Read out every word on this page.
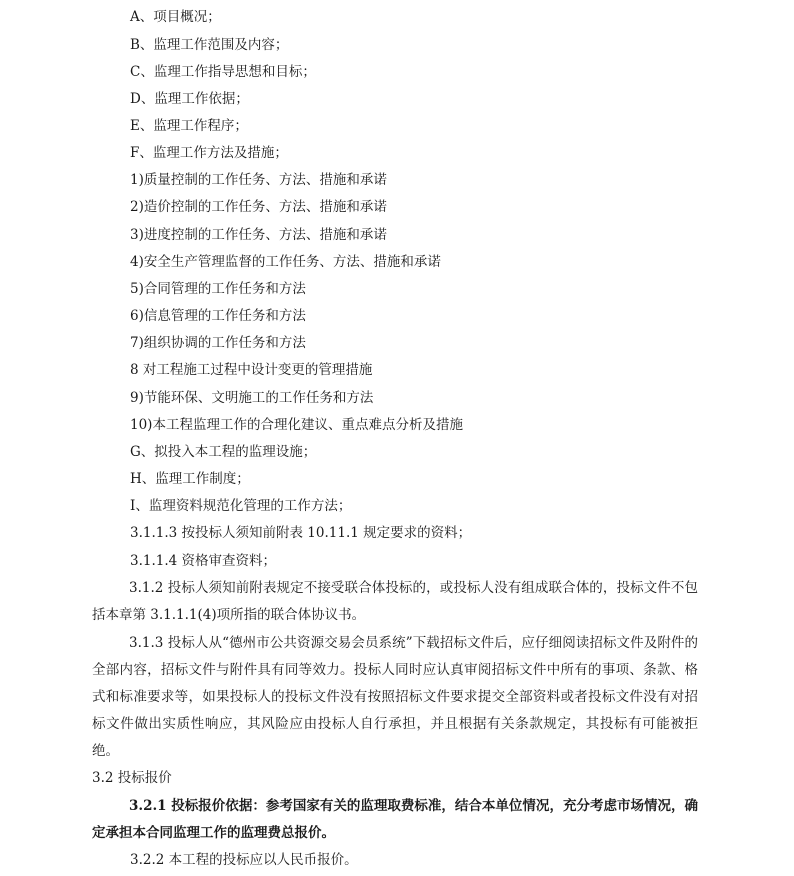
A、项目概况；
B、监理工作范围及内容；
C、监理工作指导思想和目标；
D、监理工作依据；
E、监理工作程序；
F、监理工作方法及措施；
1)质量控制的工作任务、方法、措施和承诺
2)造价控制的工作任务、方法、措施和承诺
3)进度控制的工作任务、方法、措施和承诺
4)安全生产管理监督的工作任务、方法、措施和承诺
5)合同管理的工作任务和方法
6)信息管理的工作任务和方法
7)组织协调的工作任务和方法
8 对工程施工过程中设计变更的管理措施
9)节能环保、文明施工的工作任务和方法
10)本工程监理工作的合理化建议、重点难点分析及措施
G、拟投入本工程的监理设施；
H、监理工作制度；
I、监理资料规范化管理的工作方法；
3.1.1.3 按投标人须知前附表 10.11.1 规定要求的资料；
3.1.1.4 资格审查资料；
3.1.2 投标人须知前附表规定不接受联合体投标的，或投标人没有组成联合体的，投标文件不包括本章第 3.1.1.1(4)项所指的联合体协议书。
3.1.3 投标人从“德州市公共资源交易会员系统”下载招标文件后，应仔细阅读招标文件及附件的全部内容，招标文件与附件具有同等效力。投标人同时应认真审阅招标文件中所有的事项、条款、格式和标准要求等，如果投标人的投标文件没有按照招标文件要求提交全部资料或者投标文件没有对招标文件做出实质性响应，其风险应由投标人自行承担，并且根据有关条款规定，其投标有可能被拒绝。
3.2 投标报价
3.2.1 投标报价依据：参考国家有关的监理取费标准，结合本单位情况，充分考虑市场情况，确定承担本合同监理工作的监理费总报价。
3.2.2 本工程的投标应以人民币报价。
